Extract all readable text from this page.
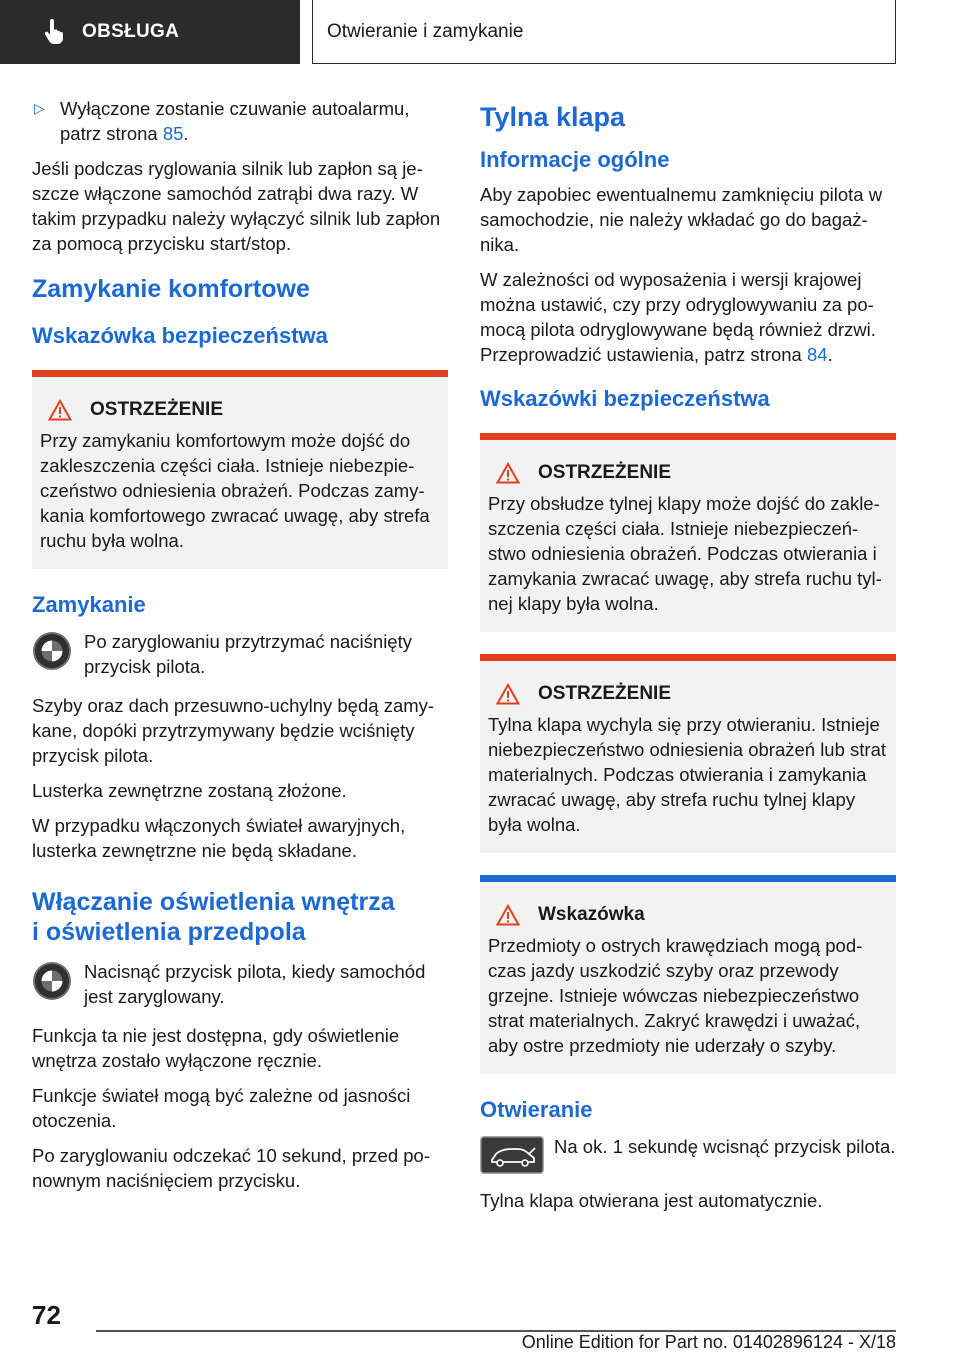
OBSŁUGA	Otwieranie i zamykanie
▷ Wyłączone zostanie czuwanie autoalarmu, patrz strona 85.

Jeśli podczas ryglowania silnik lub zapłon są jeszcze włączone samochód zatrąbi dwa razy. W takim przypadku należy wyłączyć silnik lub zapłon za pomocą przycisku start/stop.

Zamykanie komfortowe
Wskazówka bezpieczeństwa
OSTRZEŻENIE
Przy zamykaniu komfortowym może dojść do zakleszczenia części ciała. Istnieje niebezpieczeństwo odniesienia obrażeń. Podczas zamykania komfortowego zwracać uwagę, aby strefa ruchu była wolna.
Zamykanie
Po zaryglowaniu przytrzymać naciśnięty przycisk pilota.

Szyby oraz dach przesuwno-uchylny będą zamykane, dopóki przytrzymywany będzie wciśnięty przycisk pilota.

Lusterka zewnętrzne zostaną złożone.

W przypadku włączonych świateł awaryjnych, lusterka zewnętrzne nie będą składane.

Włączanie oświetlenia wnętrza
i oświetlenia przedpola
Nacisnąć przycisk pilota, kiedy samochód jest zaryglowany.

Funkcja ta nie jest dostępna, gdy oświetlenie wnętrza zostało wyłączone ręcznie.

Funkcje świateł mogą być zależne od jasności otoczenia.

Po zaryglowaniu odczekać 10 sekund, przed ponownym naciśnięciem przycisku.

Tylna klapa
Informacje ogólne

Aby zapobiec ewentualnemu zamknięciu pilota w samochodzie, nie należy wkładać go do bagażnika.

W zależności od wyposażenia i wersji krajowej można ustawić, czy przy odryglowywaniu za pomocą pilota odryglowywane będą również drzwi. Przeprowadzić ustawienia, patrz strona 84.

Wskazówki bezpieczeństwa
OSTRZEŻENIE
Przy obsłudze tylnej klapy może dojść do zakleszczenia części ciała. Istnieje niebezpieczeństwo odniesienia obrażeń. Podczas otwierania i zamykania zwracać uwagę, aby strefa ruchu tylnej klapy była wolna.
OSTRZEŻENIE
Tylna klapa wychyla się przy otwieraniu. Istnieje niebezpieczeństwo odniesienia obrażeń lub strat materialnych. Podczas otwierania i zamykania zwracać uwagę, aby strefa ruchu tylnej klapy była wolna.
Wskazówka
Przedmioty o ostrych krawędziach mogą podczas jazdy uszkodzić szyby oraz przewody grzejne. Istnieje wówczas niebezpieczeństwo strat materialnych. Zakryć krawędzi i uważać, aby ostre przedmioty nie uderzały o szyby.
Otwieranie
Na ok. 1 sekundę wcisnąć przycisk pilota.

Tylna klapa otwierana jest automatycznie.

72
Online Edition for Part no. 01402896124 - X/18
